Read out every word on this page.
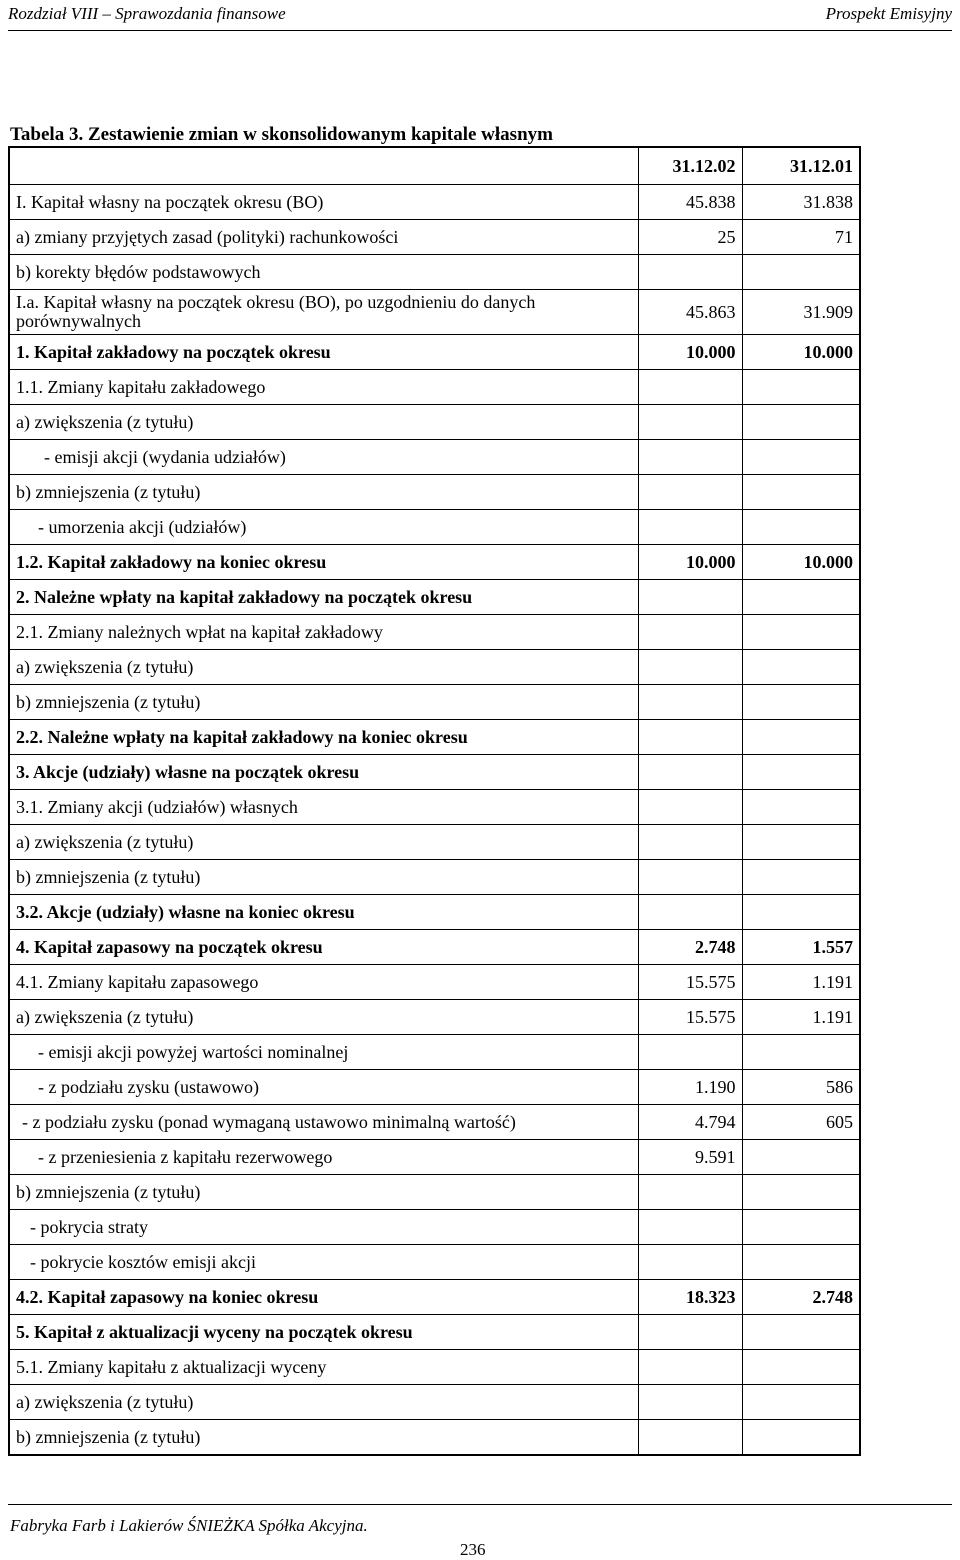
Rozdział VIII – Sprawozdania finansowe	Prospekt Emisyjny
Tabela 3. Zestawienie zmian w skonsolidowanym kapitale własnym
	31.12.02	31.12.01
I. Kapitał własny na początek okresu (BO)	45.838	31.838
a) zmiany przyjętych zasad (polityki) rachunkowości	25	71
b) korekty błędów podstawowych		
I.a. Kapitał własny na początek okresu (BO), po uzgodnieniu do danych porównywalnych	45.863	31.909
1. Kapitał zakładowy na początek okresu	10.000	10.000
1.1. Zmiany kapitału zakładowego		
a) zwiększenia (z tytułu)		
- emisji akcji (wydania udziałów)		
b) zmniejszenia (z tytułu)		
- umorzenia akcji (udziałów)		
1.2. Kapitał zakładowy na koniec okresu	10.000	10.000
2. Należne wpłaty na kapitał zakładowy na początek okresu		
2.1. Zmiany należnych wpłat na kapitał zakładowy		
a) zwiększenia (z tytułu)		
b) zmniejszenia (z tytułu)		
2.2. Należne wpłaty na kapitał zakładowy na koniec okresu		
3. Akcje (udziały) własne na początek okresu		
3.1. Zmiany akcji (udziałów) własnych		
a) zwiększenia (z tytułu)		
b) zmniejszenia (z tytułu)		
3.2. Akcje (udziały) własne na koniec okresu		
4. Kapitał zapasowy na początek okresu	2.748	1.557
4.1. Zmiany kapitału zapasowego	15.575	1.191
a) zwiększenia (z tytułu)	15.575	1.191
- emisji akcji powyżej wartości nominalnej		
- z podziału zysku (ustawowo)	1.190	586
- z podziału zysku (ponad wymaganą ustawowo minimalną wartość)	4.794	605
- z przeniesienia z kapitału rezerwowego	9.591	
b) zmniejszenia (z tytułu)		
- pokrycia straty		
- pokrycie kosztów emisji akcji		
4.2. Kapitał zapasowy na koniec okresu	18.323	2.748
5. Kapitał z aktualizacji wyceny na początek okresu		
5.1. Zmiany kapitału z aktualizacji wyceny		
a) zwiększenia (z tytułu)		
b) zmniejszenia (z tytułu)		
Fabryka Farb i Lakierów ŚNIEŻKA Spółka Akcyjna.
236
